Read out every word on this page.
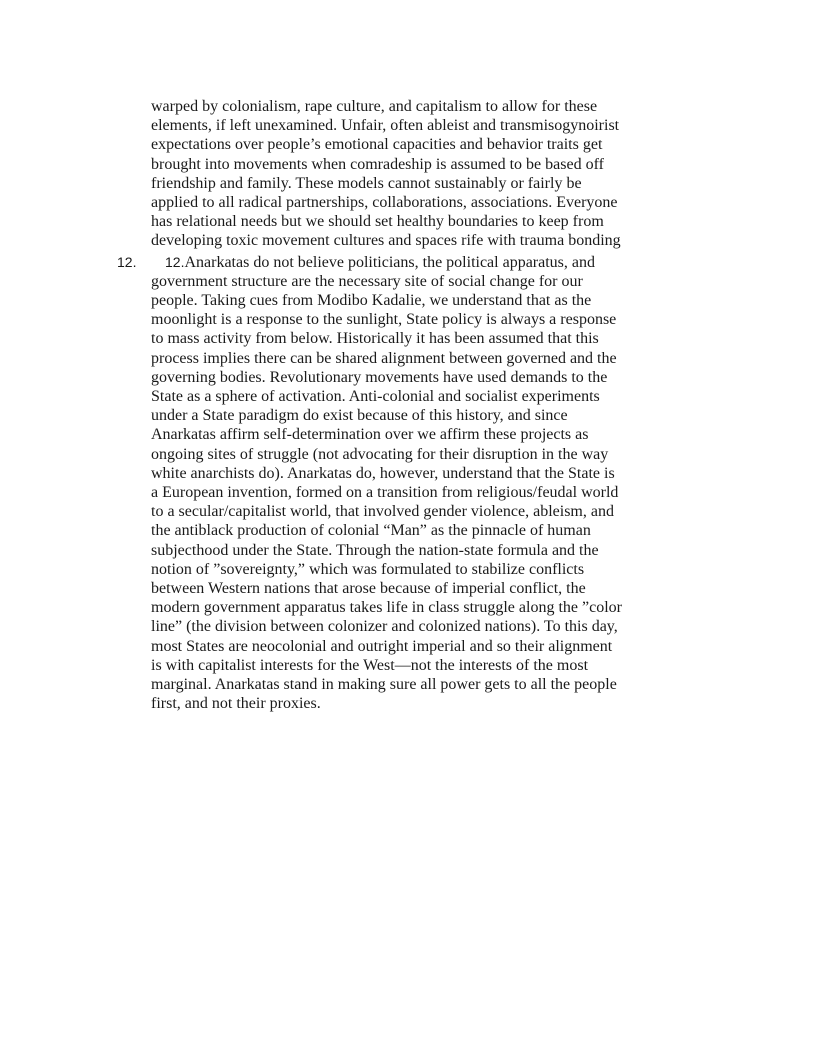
warped by colonialism, rape culture, and capitalism to allow for these
elements, if left unexamined. Unfair, often ableist and transmisogynoirist
expectations over people’s emotional capacities and behavior traits get
brought into movements when comradeship is assumed to be based off
friendship and family. These models cannot sustainably or fairly be
applied to all radical partnerships, collaborations, associations. Everyone
has relational needs but we should set healthy boundaries to keep from
developing toxic movement cultures and spaces rife with trauma bonding
12.	12.Anarkatas do not believe politicians, the political apparatus, and
government structure are the necessary site of social change for our
people. Taking cues from Modibo Kadalie, we understand that as the
moonlight is a response to the sunlight, State policy is always a response
to mass activity from below. Historically it has been assumed that this
process implies there can be shared alignment between governed and the
governing bodies. Revolutionary movements have used demands to the
State as a sphere of activation. Anti-colonial and socialist experiments
under a State paradigm do exist because of this history, and since
Anarkatas affirm self-determination over we affirm these projects as
ongoing sites of struggle (not advocating for their disruption in the way
white anarchists do). Anarkatas do, however, understand that the State is
a European invention, formed on a transition from religious/feudal world
to a secular/capitalist world, that involved gender violence, ableism, and
the antiblack production of colonial “Man” as the pinnacle of human
subjecthood under the State. Through the nation-state formula and the
notion of ”sovereignty,” which was formulated to stabilize conflicts
between Western nations that arose because of imperial conflict, the
modern government apparatus takes life in class struggle along the ”color
line” (the division between colonizer and colonized nations). To this day,
most States are neocolonial and outright imperial and so their alignment
is with capitalist interests for the West—not the interests of the most
marginal. Anarkatas stand in making sure all power gets to all the people
first, and not their proxies.
